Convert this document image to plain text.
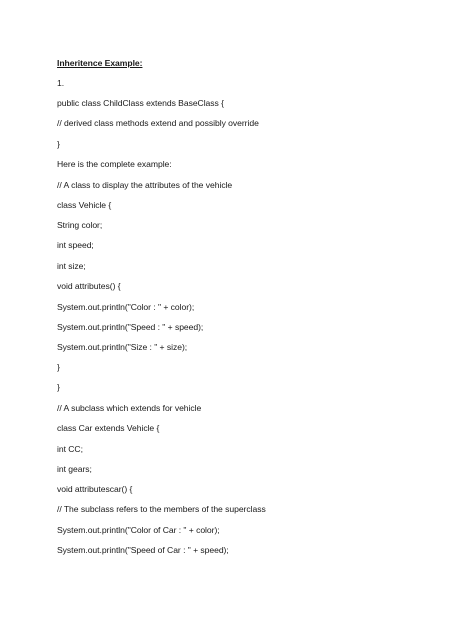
Inheritence Example:
1.
public class ChildClass extends BaseClass {
// derived class methods extend and possibly override
}
Here is the complete example:
// A class to display the attributes of the vehicle
class Vehicle {
String color;
int speed;
int size;
void attributes() {
System.out.println("Color : " + color);
System.out.println("Speed : " + speed);
System.out.println("Size : " + size);
}
}
// A subclass which extends for vehicle
class Car extends Vehicle {
int CC;
int gears;
void attributescar() {
// The subclass refers to the members of the superclass
System.out.println("Color of Car : " + color);
System.out.println("Speed of Car : " + speed);
